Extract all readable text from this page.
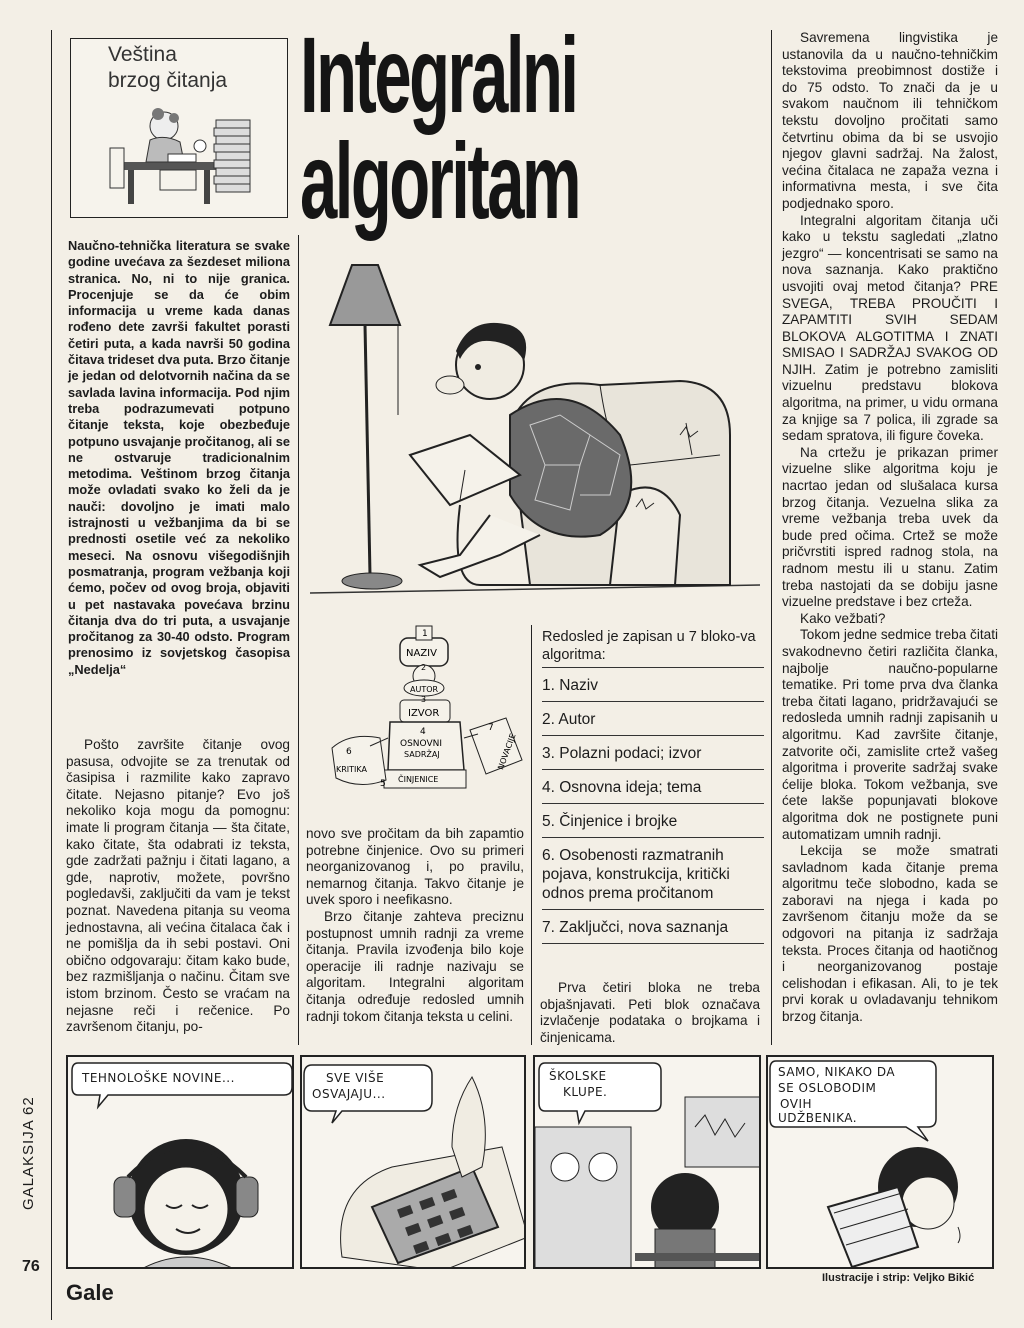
GALAKSIJA 62
76
Veština
brzog čitanja Integralni
algoritam
Naučno-tehnička literatura se svake godine uvećava za šezdeset miliona stranica. No, ni to nije granica. Procenjuje se da će obim informacija u vreme kada danas rođeno dete završi fakultet porasti četiri puta, a kada navrši 50 godina čitava trideset dva puta. Brzo čitanje je jedan od delotvornih načina da se savlada lavina informacija. Pod njim treba podrazumevati potpuno čitanje teksta, koje obezbeđuje potpuno usvajanje pročitanog, ali se ne ostvaruje tradicionalnim metodima. Veštinom brzog čitanja može ovladati svako ko želi da je nauči: dovoljno je imati malo istrajnosti u vežbanjima da bi se prednosti osetile već za nekoliko meseci. Na osnovu višegodišnjih posmatranja, program vežbanja koji ćemo, počev od ovog broja, objaviti u pet nastavaka povećava brzinu čitanja dva do tri puta, a usvajanje pročitanog za 30-40 odsto. Program prenosimo iz sovjetskog časopisa „Nedelja“
1
NAZIV
2
AUTOR
3
IZVOR
4
OSNOVNI
SADRŽAJ
6
KRITIKA
5 ČINJENICE
7
NOVACIJE
Pošto završite čitanje ovog pasusa, odvojite se za trenutak od časipisa i razmilite kako zapravo čitate. Nejasno pitanje? Evo još nekoliko koja mogu da pomognu: imate li program čitanja — šta čitate, kako čitate, šta odabrati iz teksta, gde zadržati pažnju i čitati lagano, a gde, naprotiv, možete, površno pogledavši, zaključiti da vam je tekst poznat. Navedena pitanja su veoma jednostavna, ali većina čitalaca čak i ne pomišlja da ih sebi postavi. Oni obično odgovaraju: čitam kako bude, bez razmišljanja o načinu. Čitam sve istom brzinom. Često se vraćam na nejasne reči i rečenice. Po završenom čitanju, po-

novo sve pročitam da bih zapamtio potrebne činjenice. Ovo su primeri neorganizovanog i, po pravilu, nemarnog čitanja. Takvo čitanje je uvek sporo i neefikasno.

Brzo čitanje zahteva preciznu postupnost umnih radnji za vreme čitanja. Pravila izvođenja bilo koje operacije ili radnje nazivaju se algoritam. Integralni algoritam čitanja određuje redosled umnih radnji tokom čitanja teksta u celini.

Redosled je zapisan u 7 bloko-va algoritma:
1. Naziv
2. Autor
3. Polazni podaci; izvor
4. Osnovna ideja; tema
5. Činjenice i brojke
6. Osobenosti razmatranih pojava, konstrukcija, kritički odnos prema pročitanom
7. Zaključci, nova saznanja
Prva četiri bloka ne treba objašnjavati. Peti blok označava izvlačenje podataka o brojkama i činjenicama.

Savremena lingvistika je ustanovila da u naučno-tehničkim tekstovima preobimnost dostiže i do 75 odsto. To znači da je u svakom naučnom ili tehničkom tekstu dovoljno pročitati samo četvrtinu obima da bi se usvojio njegov glavni sadržaj. Na žalost, većina čitalaca ne zapaža vezna i informativna mesta, i sve čita podjednako sporo.

Integralni algoritam čitanja uči kako u tekstu sagledati „zlatno jezgro“ — koncentrisati se samo na nova saznanja. Kako praktično usvojiti ovaj metod čitanja? PRE SVEGA, TREBA PROUČITI I ZAPAMTITI SVIH SEDAM BLOKOVA ALGOTITMA I ZNATI SMISAO I SADRŽAJ SVAKOG OD NJIH. Zatim je potrebno zamisliti vizuelnu predstavu blokova algoritma, na primer, u vidu ormana za knjige sa 7 polica, ili zgrade sa sedam spratova, ili figure čoveka.

Na crtežu je prikazan primer vizuelne slike algoritma koju je nacrtao jedan od slušalaca kursa brzog čitanja. Vezuelna slika za vreme vežbanja treba uvek da bude pred očima. Crtež se može pričvrstiti ispred radnog stola, na radnom mestu ili u stanu. Zatim treba nastojati da se dobiju jasne vizuelne predstave i bez crteža.

Kako vežbati?

Tokom jedne sedmice treba čitati svakodnevno četiri različita članka, najbolje naučno-popularne tematike. Pri tome prva dva članka treba čitati lagano, pridržavajući se redosleda umnih radnji zapisanih u algoritmu. Kad završite čitanje, zatvorite oči, zamislite crtež vašeg algoritma i proverite sadržaj svake ćelije bloka. Tokom vežbanja, sve ćete lakše popunjavati blokove algoritma dok ne postignete puni automatizam umnih radnji.

Lekcija se može smatrati savladnom kada čitanje prema algoritmu teče slobodno, kada se zaboravi na njega i kada po završenom čitanju može da se odgovori na pitanja iz sadržaja teksta. Proces čitanja od haotičnog i neorganizovanog postaje celishodan i efikasan. Ali, to je tek prvi korak u ovladavanju tehnikom brzog čitanja.

TEHNOLOŠKE NOVINE...	SVE VIŠE
OSVAJAJU...
ŠKOLSKE
KLUPE.
SAMO, NIKAKO DA
SE OSLOBODIM
OVIH
UDŽBENIKA.
Gale
Ilustracije i strip: Veljko Bikić
